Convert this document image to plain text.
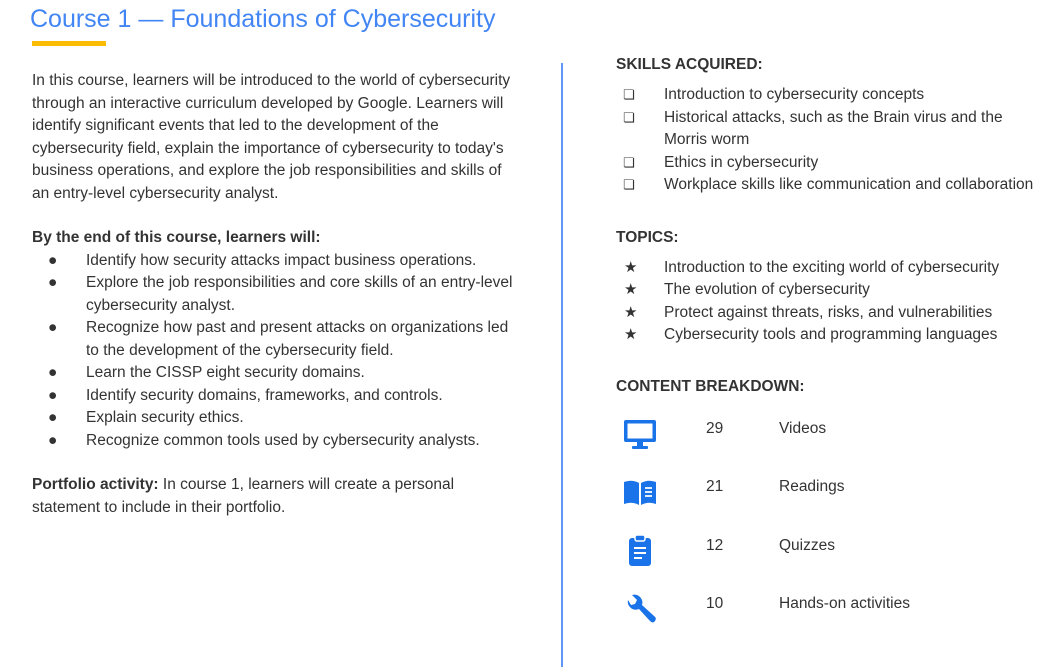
Course 1 — Foundations of Cybersecurity

In this course, learners will be introduced to the world of cybersecurity through an interactive curriculum developed by Google. Learners will identify significant events that led to the development of the cybersecurity field, explain the importance of cybersecurity to today's business operations, and explore the job responsibilities and skills of an entry-level cybersecurity analyst.

By the end of this course, learners will:

● Identify how security attacks impact business operations.
● Explore the job responsibilities and core skills of an entry-level cybersecurity analyst.
● Recognize how past and present attacks on organizations led to the development of the cybersecurity field.
● Learn the CISSP eight security domains.
● Identify security domains, frameworks, and controls.
● Explain security ethics.
● Recognize common tools used by cybersecurity analysts.

Portfolio activity: In course 1, learners will create a personal statement to include in their portfolio.

SKILLS ACQUIRED:
❏ Introduction to cybersecurity concepts
❏ Historical attacks, such as the Brain virus and the Morris worm
❏ Ethics in cybersecurity
❏ Workplace skills like communication and collaboration
TOPICS:
★ Introduction to the exciting world of cybersecurity
★ The evolution of cybersecurity
★ Protect against threats, risks, and vulnerabilities
★ Cybersecurity tools and programming languages
CONTENT BREAKDOWN:
29	Videos
21	Readings
12	Quizzes
10	Hands-on activities
